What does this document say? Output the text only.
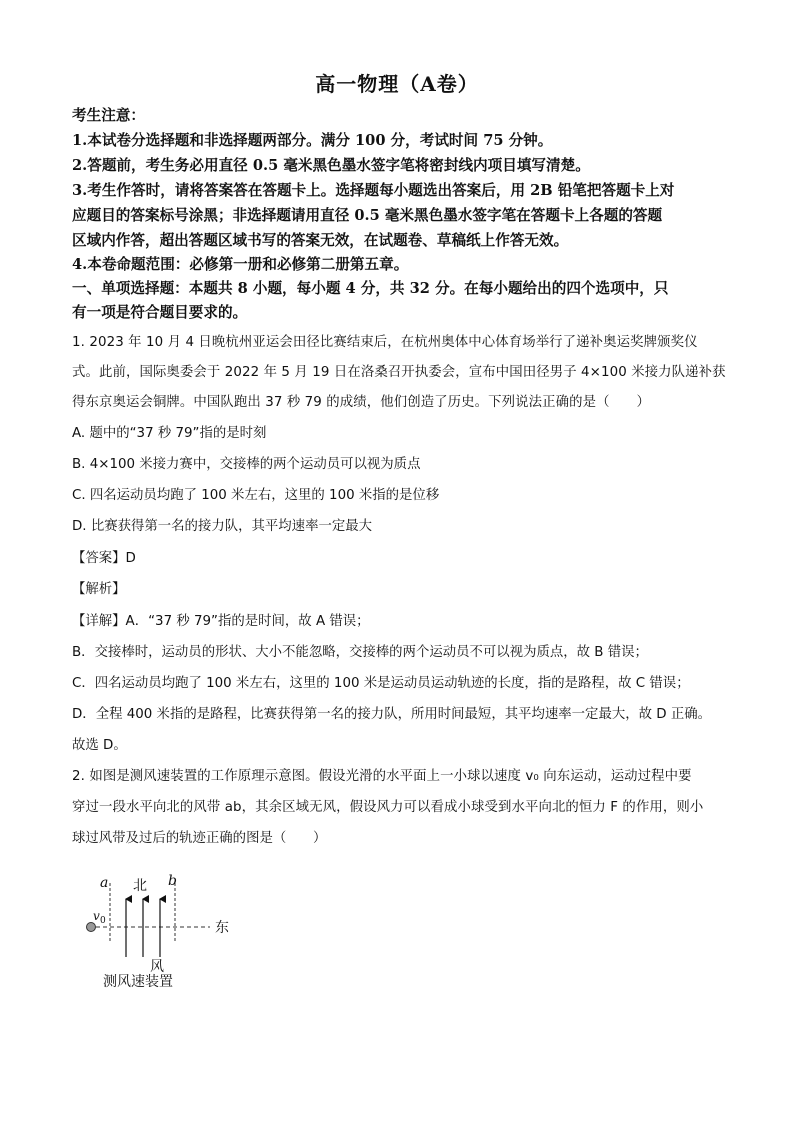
高一物理（A卷）
考生注意：
1.本试卷分选择题和非选择题两部分。满分 100 分，考试时间 75 分钟。
2.答题前，考生务必用直径 0.5 毫米黑色墨水签字笔将密封线内项目填写清楚。
3.考生作答时，请将答案答在答题卡上。选择题每小题选出答案后，用 2B 铅笔把答题卡上对
应题目的答案标号涂黑；非选择题请用直径 0.5 毫米黑色墨水签字笔在答题卡上各题的答题
区域内作答，超出答题区域书写的答案无效，在试题卷、草稿纸上作答无效。
4.本卷命题范围：必修第一册和必修第二册第五章。
一、单项选择题：本题共 8 小题，每小题 4 分，共 32 分。在每小题给出的四个选项中，只
有一项是符合题目要求的。
1. 2023 年 10 月 4 日晚杭州亚运会田径比赛结束后，在杭州奥体中心体育场举行了递补奥运奖牌颁奖仪
式。此前，国际奥委会于 2022 年 5 月 19 日在洛桑召开执委会，宣布中国田径男子 4×100 米接力队递补获
得东京奥运会铜牌。中国队跑出 37 秒 79 的成绩，他们创造了历史。下列说法正确的是（　　）
A. 题中的“37 秒 79”指的是时刻
B. 4×100 米接力赛中，交接棒的两个运动员可以视为质点
C. 四名运动员均跑了 100 米左右，这里的 100 米指的是位移
D. 比赛获得第一名的接力队，其平均速率一定最大
【答案】D
【解析】
【详解】A．“37 秒 79”指的是时间，故 A 错误；
B．交接棒时，运动员的形状、大小不能忽略，交接棒的两个运动员不可以视为质点，故 B 错误；
C．四名运动员均跑了 100 米左右，这里的 100 米是运动员运动轨迹的长度，指的是路程，故 C 错误；
D．全程 400 米指的是路程，比赛获得第一名的接力队，所用时间最短，其平均速率一定最大，故 D 正确。
故选 D。
2. 如图是测风速装置的工作原理示意图。假设光滑的水平面上一小球以速度 v₀ 向东运动，运动过程中要
穿过一段水平向北的风带 ab，其余区域无风，假设风力可以看成小球受到水平向北的恒力 F 的作用，则小
球过风带及过后的轨迹正确的图是（　　）
a	b
北
v 0	东
风
测风速装置
